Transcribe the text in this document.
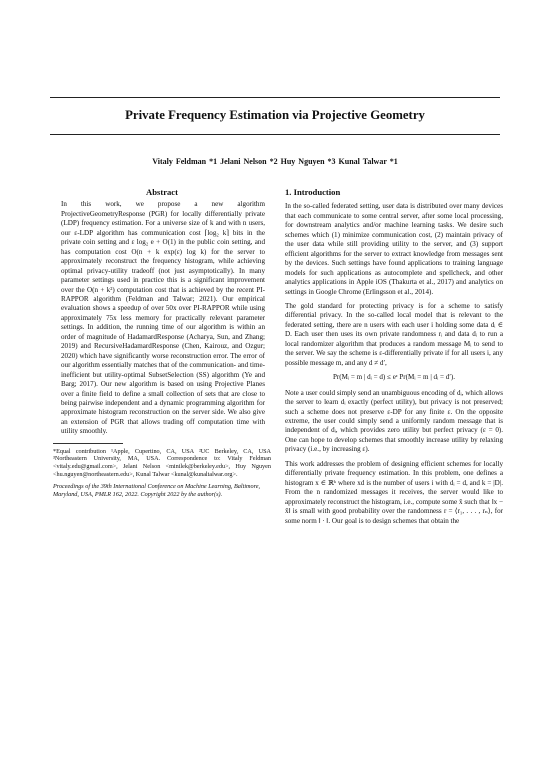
Private Frequency Estimation via Projective Geometry
Vitaly Feldman *1 Jelani Nelson *2 Huy Nguyen *3 Kunal Talwar *1
Abstract

In this work, we propose a new algorithm ProjectiveGeometryResponse (PGR) for locally differentially private (LDP) frequency estimation. For a universe size of k and with n users, our ε-LDP algorithm has communication cost ⌈log₂ k⌉ bits in the private coin setting and ε log₂ e + O(1) in the public coin setting, and has computation cost O(n + k exp(ε) log k) for the server to approximately reconstruct the frequency histogram, while achieving optimal privacy-utility tradeoff (not just asymptotically). In many parameter settings used in practice this is a significant improvement over the O(n + k²) computation cost that is achieved by the recent PI-RAPPOR algorithm (Feldman and Talwar; 2021). Our empirical evaluation shows a speedup of over 50x over PI-RAPPOR while using approximately 75x less memory for practically relevant parameter settings. In addition, the running time of our algorithm is within an order of magnitude of HadamardResponse (Acharya, Sun, and Zhang; 2019) and RecursiveHadamardResponse (Chen, Kairouz, and Ozgur; 2020) which have significantly worse reconstruction error. The error of our algorithm essentially matches that of the communication- and time-inefficient but utility-optimal SubsetSelection (SS) algorithm (Ye and Barg; 2017). Our new algorithm is based on using Projective Planes over a finite field to define a small collection of sets that are close to being pairwise independent and a dynamic programming algorithm for approximate histogram reconstruction on the server side. We also give an extension of PGR that allows trading off computation time with utility smoothly.

*Equal contribution ¹Apple, Cupertino, CA, USA ²UC Berkeley, CA, USA ³Northeastern University, MA, USA. Correspondence to: Vitaly Feldman <vitaly.edu@gmail.com>, Jelani Nelson <minilek@berkeley.edu>, Huy Nguyen <hu.nguyen@northeastern.edu>, Kunal Talwar <kunal@kunaltalwar.org>.
Proceedings of the 39th International Conference on Machine Learning, Baltimore, Maryland, USA, PMLR 162, 2022. Copyright 2022 by the author(s).
1. Introduction

In the so-called federated setting, user data is distributed over many devices that each communicate to some central server, after some local processing, for downstream analytics and/or machine learning tasks. We desire such schemes which (1) minimize communication cost, (2) maintain privacy of the user data while still providing utility to the server, and (3) support efficient algorithms for the server to extract knowledge from messages sent by the devices. Such settings have found applications to training language models for such applications as autocomplete and spellcheck, and other analytics applications in Apple iOS (Thakurta et al., 2017) and analytics on settings in Google Chrome (Erlingsson et al., 2014).

The gold standard for protecting privacy is for a scheme to satisfy differential privacy. In the so-called local model that is relevant to the federated setting, there are n users with each user i holding some data dᵢ ∈ D. Each user then uses its own private randomness rᵢ and data dᵢ to run a local randomizer algorithm that produces a random message Mᵢ to send to the server. We say the scheme is ε-differentially private if for all users i, any possible message m, and any d ≠ d′,

Pr(Mᵢ = m | dᵢ = d) ≤ eᵋ Pr(Mᵢ = m | dᵢ = d′).

Note a user could simply send an unambiguous encoding of dᵢ, which allows the server to learn dᵢ exactly (perfect utility), but privacy is not preserved; such a scheme does not preserve ε-DP for any finite ε. On the opposite extreme, the user could simply send a uniformly random message that is independent of dᵢ, which provides zero utility but perfect privacy (ε = 0). One can hope to develop schemes that smoothly increase utility by relaxing privacy (i.e., by increasing ε).

This work addresses the problem of designing efficient schemes for locally differentially private frequency estimation. In this problem, one defines a histogram x ∈ ℝᵏ where xd is the number of users i with dᵢ = d, and k = |D|. From the n randomized messages it receives, the server would like to approximately reconstruct the histogram, i.e., compute some x̃ such that ‖x − x̃‖ is small with good probability over the randomness r = ⟨r₁, . . . , rₙ⟩, for some norm ‖ · ‖. Our goal is to design schemes that obtain the
